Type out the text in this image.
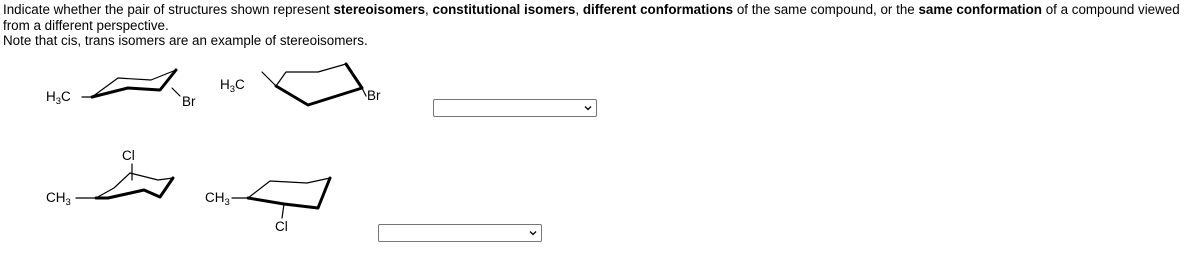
Indicate whether the pair of structures shown represent stereoisomers, constitutional isomers, different conformations of the same compound, or the same conformation of a compound viewed from a different perspective.

Note that cis, trans isomers are an example of stereoisomers.

$H_3C$	Br
$H_3C$
Br
Cl
$CH_3$	$CH_3$
Cl
